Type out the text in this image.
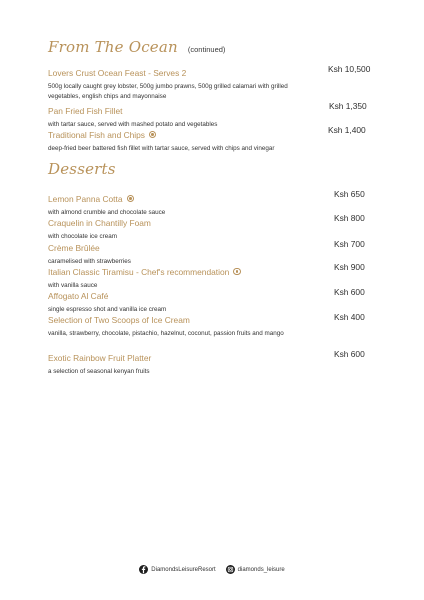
From The Ocean (continued)
Lovers Crust Ocean Feast - Serves 2
500g locally caught grey lobster, 500g jumbo prawns, 500g grilled calamari with grilled vegetables, english chips and mayonnaise
Ksh 10,500
Pan Fried Fish Fillet
with tartar sauce, served with mashed potato and vegetables
Ksh 1,350
Traditional Fish and Chips
deep-fried beer battered fish fillet with tartar sauce, served with chips and vinegar
Ksh 1,400
Desserts
Lemon Panna Cotta
with almond crumble and chocolate sauce
Ksh 650
Craquelin in Chantilly Foam
with chocolate ice cream
Ksh 800
Crème Brûlée
caramelised with strawberries
Ksh 700
Italian Classic Tiramisu - Chef's recommendation
with vanilla sauce
Ksh 900
Affogato Al Café
single espresso shot and vanilla ice cream
Ksh 600
Selection of Two Scoops of Ice Cream
vanilla, strawberry, chocolate, pistachio, hazelnut, coconut, passion fruits and mango
Ksh 400
Exotic Rainbow Fruit Platter
a selection of seasonal kenyan fruits
Ksh 600
DiamondsLeisureResort	diamonds_leisure
